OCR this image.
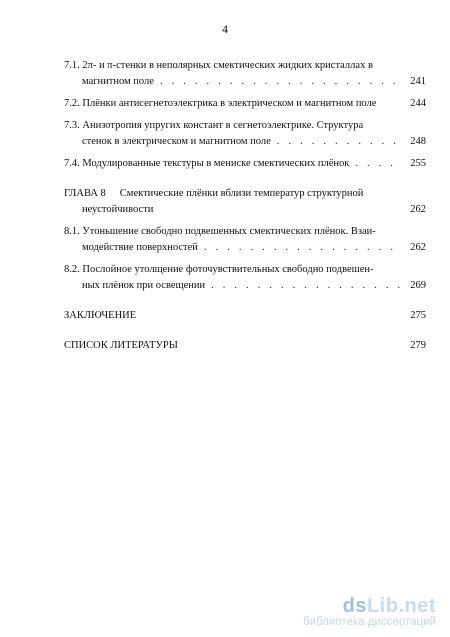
4
7.1. 2π- и π-стенки в неполярных смектических жидких кристаллах в
магнитном поле . . .	241
7.2. Плёнки антисегнетоэлектрика в электрическом и магнитном поле	244
7.3. Анизотропия упругих констант в сегнетоэлектрике. Структура
стенок в электрическом и магнитном поле . . .	248
7.4. Модулированные текстуры в мениске смектических плёнок . . .	255
ГЛАВА 8 Смектические плёнки вблизи температур структурной
неустойчивости	262
8.1. Утоньшение свободно подвешенных смектических плёнок. Взаи-
модействие поверхностей . . .	262
8.2. Послойное утолщение фоточувствительных свободно подвешен-
ных плёнок при освещении . . .	269
ЗАКЛЮЧЕНИЕ	275
СПИСОК ЛИТЕРАТУРЫ	279
dsLib.net
библиотека диссертаций
